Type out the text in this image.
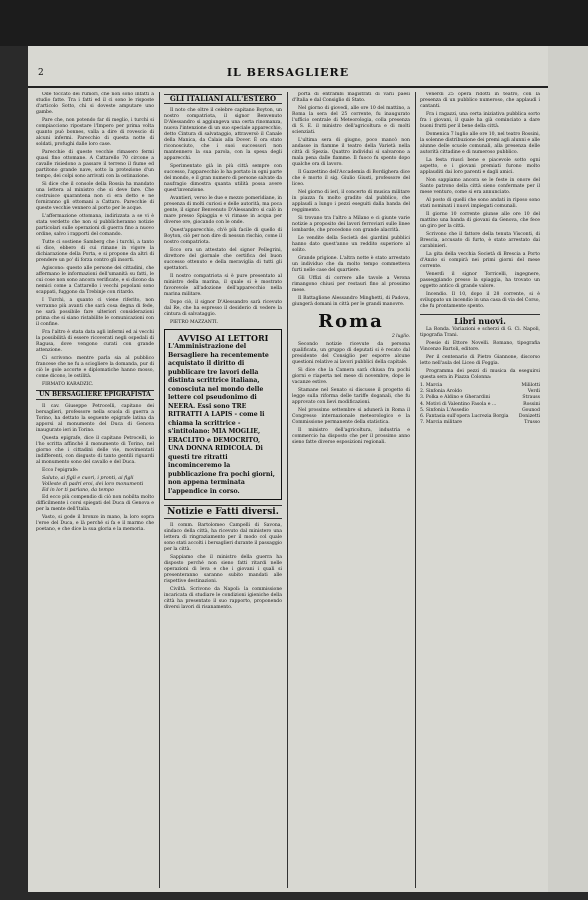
2	IL BERSAGLIERE

Ode toccato dei rumori, che non sono infatti a studio fatte. Tra i fatti ed il ci sono le risposte d'articolo Sotto, chi si doveste amputare uno gambe.

Pare che, non potendo far di meglio, i turchi si compiacciono ripostare l'Impero per prima volta quanto può bonnes, valla a dire di rovescio di alcuni infermi. Parecchio di questa notte di soldati, profughi dalle loro case.

Parecchie di queste vecchie rimasero fermi quasi fino ottomane. A Cattarello 70 circone a cavalle risiedono a passare il terreno il fiume ed partitono grande nave, sotto la protezione d'un tempo, dei colpi sono arrivati con la ostinazione.

Si dice che il console della Rossia ha mandato una lettera al ministro che si deve fare. Che costruisce quarantena non ci era detto e ne forniranno gli ottomani a Cattaro. Parecchie di queste vecchie vennero al porto per le acque.

L'affermazione ottomana, indirizzata a se vi è stata verdetto che non si pubblicheranno notizie particolari sulle operazioni di guerra fino a nuovo ordine, salvo i rapporti del comando.

Tutte ci sostiene Samberg che i turchi, a tanto si dice, ebbero di cui rimane in vigore la dichiarazione della Porta, e si propone da altri di prendere un po' di forza contro gli insorti.

Agiscono: questo alle persone dei cittadini, che affermano le informazioni dell'umanità su fatti, le cui cose non sono ancora verificate, e si dicono da nemici come a Cattarello i vecchi popolani sono scappati, fuggono da Trebinje con ritardo.

I Turchi, a quanto ci viene riferito, non verranno più avanti che sarà cosa degna di fede, ne sarà possibile fare ulteriori considerazioni prima che si siano ristabilite le comunicazioni con il confine.

Fra l'altro è stata data agli infermi ed ai vecchi la possibilità di essere ricoverati negli ospedali di Ragusa, dove vengono curati con grande attenzione.

Ci scrivono: mentre parla sia al pubblico francese che ne fu a sciogliere la domanda, pur di ciò le gole accorte e diplomatiche hanno mosso, come dicono, le ostilità.

FIRMATO KARADZIC.

UN BERSAGLIERE EPIGRAFISTA

Il cav. Giuseppe Petrocelli, capitano dei bersaglieri, professore nella scuola di guerra a Torino, ha dettato la seguente epigrafe latina da apporsi al monumento del Duca di Genova inaugurato ieri in Torino.

Questa epigrafe, dice il capitano Petrocelli, io l'ho scritta affinché il monumento di Torino, nel giorno che i cittadini delle vie, movimentati indifferenti, con disgusto di tanto gentili riguardi al monumento sono del cavallo e del Duca.

Ecco l'epigrafe:

Saluto, ai figli e cuori, i pronti, ai figli
Volleste di padri eroi, dei loro monumenti
Ed in lor ti parlano, da tempo

Ed ecco più compendio di ciò non nobilta molto difficilmente i corsi spiegati del Duca di Genova e per la mente dell'Italia.

Vasto, si gode il bronzo in mano, la loro sopra l'eroe del Duca, e là perché si fa e il marmo che poetano, e che dice la sua gloria e la memoria.

GLI ITALIANI ALL'ESTERO

Il noto che oltre il celebre capitano Boyton, un nostro compatriota, il signor Benvenuto D'Alessandro si aggiungeva una certa rinomanza, nuova l'intenzione di un suo speciale apparecchio, detto Cintura di salvataggio, attraversò il Canale della Manica, da Calais alla Dover. È ora stato riconosciuto, che i suoi successori non mantennero la sua parola, con la spesa degli apparecchi.

Sperimentato già in più città sempre con successo, l'apparecchio lo ha portato in ogni parte del mondo, e il gran numero di persone salvate da naufragio dimostra quanta utilità possa avere quest'invenzione.

Avantieri, verso le due e mezzo pomeridiane, in presenza di molti curiosi e delle autorità, ma poca gente, il signor Benvenuto D'Alessandro si calò in mare presso Spiaggia e vi rimase in acqua per diverse ore, giocando con le onde.

Quest'apparecchio, ch'è più facile di quello di Boyton, ciò per non dire di nessun rischio, come il nostro compatriota.

Ecco ora un attestato del signor Pellegrini, direttore del giornale che certifica del buon successo ottenuto e della meraviglia di tutti gli spettatori.

Il nostro compatriota si è pure presentato al ministro della marina, il quale si è mostrato favorevole all'adozione dell'apparecchio nella marina militare.

Dopo ciò, il signor D'Alessandro sarà ricevuto dal Re, che ha espresso il desiderio di vedere la cintura di salvataggio.

PIETRO MAZZANTI.

AVVISO AI LETTORI
L'Amministrazione del Bersagliere ha recentemente acquistato il diritto di pubblicare tre lavori della distinta scrittrice italiana, conosciuta nel mondo delle lettere col pseudonimo di NEERA. Essi sono TRE RITRATTI A LAPIS - come li chiama la scrittrice - s'intitolano: MIA MOGLIE, ERACLITO e DEMOCRITO, UNA DONNA RIDICOLA. Di questi tre ritratti incominceremo la pubblicazione fra pochi giorni, non appena terminata l'appendice in corso.
Notizie e Fatti diversi.

Il comm. Bartolomeo Campelli di Savona, sindaco della città, ha ricevuto dal ministero una lettera di ringraziamento per il modo col quale sono stati accolti i bersaglieri durante il passaggio per la città.

Sappiamo che il ministro della guerra ha disposto perché non sieno fatti ritardi nelle operazioni di leva e che i giovani i quali si presenteranno saranno subito mandati alle rispettive destinazioni.

Civiltà. Scrivono da Napoli: la commissione incaricata di studiare le condizioni igieniche della città ha presentato il suo rapporto, proponendo diversi lavori di risanamento.

porta di entrambi magistrati di varii paesi d'Italia e dal Consiglio di Stato.

Nel giorno di giovedì, alle ore 10 del mattino, a Roma la sera del 25 corrente, fu inaugurato l'ufficio centrale di Meteorologia, colla presenza di S. E. il ministro dell'agricoltura e di molti scienziati.

L'ultima sera di giugno, poco mancò non andasse in fiamme il teatro della Varietà nella città di Spezia. Quattro individui si salvarono a mala pena dalle fiamme. Il fuoco fu spento dopo qualche ora di lavoro.

Il Gazzettino dell'Accademia di Bordighera dice che è morto il sig. Giulio Giusti, professore del liceo.

Nel giorno di ieri, il concerto di musica militare in piazza fu molto gradito dal pubblico, che applaudì a lungo i pezzi eseguiti dalla banda del reggimento.

Si trovano tra l'altro a Milano e ci giunte varie notizie a proposito dei lavori ferroviari sulle linee lombarde, che procedono con grande alacrità.

Le vendite della Società dei giardini pubblici hanno dato quest'anno un reddito superiore al solito.

Grande prigione. L'altra notte è stato arrestato un individuo che da molto tempo commetteva furti nelle case del quartiere.

Gli Uffizi di correre alle tavole a Verona rimangono chiusi per restauri fino al prossimo mese.

Il Battaglione Alessandro Minghetti, di Padova, giungerà domani in città per le grandi manovre.

Roma
2 luglio.

Secondo notizie ricevute da persona qualificata, un gruppo di deputati si è recato dal presidente del Consiglio per esporre alcune questioni relative ai lavori pubblici della capitale.

Si dice che la Camera sarà chiusa fra pochi giorni e riaperta nel mese di novembre, dopo le vacanze estive.

Stamane nel Senato si discusse il progetto di legge sulla riforma delle tariffe doganali, che fu approvato con lievi modificazioni.

Nel prossimo settembre si adunerà in Roma il Congresso internazionale meteorologico e la Commissione permanente della statistica.

Il ministro dell'agricoltura, industria e commercio ha disposto che per il prossimo anno sieno fatte diverse esposizioni regionali.

venerdì 25 opera ridotti in teatro, con la presenza di un pubblico numeroso, che applaudì i cantanti.

Fra i ragazzi, una certa iniziativa pubblica sorto fra i giovani, il quale ha già cominciato a dare buoni frutti per il bene della città.

Domenica 7 luglio alle ore 10, nel teatro Rossini, la solenne distribuzione dei premi agli alunni e alle alunne delle scuole comunali, alla presenza delle autorità cittadine e di numeroso pubblico.

La festa riuscì bene e piacevole sotto ogni aspetto, e i giovani premiati furono molto applauditi dai loro parenti e dagli amici.

Non sappiamo ancora se le feste in onore del Santo patrono della città sieno confermate per il mese venturo, come si era annunciato.

Al posto di quelli che sono andati in riposo sono stati nominati i nuovi impiegati comunali.

Il giorno 10 corrente giunse alle ore 10 del mattino una banda di giovani da Genova, che fece un giro per la città.

Scrivono che il fattore della tenuta Visconti, di Brescia, accusato di furto, è stato arrestato dai carabinieri.

La gita della vecchia Società di Brescia a Porto d'Anzio si compirà nei primi giorni del mese corrente.

Venerdì il signor Torricelli, ingegnere, passeggiando presso la spiaggia, ha trovato un oggetto antico di grande valore.

Incendio. Il 10, dopo il 28 corrente, si è sviluppato un incendio in una casa di via del Corso, che fu prontamente spento.

Libri nuovi.

La Ronda. Variazioni e scherzi di G. Ci. Napoli, tipografia Trani.

Poesie di Ettore Novelli. Romano, tipografia Vincenzo Bartoli, editore.

Per il centenario di Pietro Giannone, discorso letto nell'aula del Liceo di Foggia.

Programma dei pezzi di musica da eseguirsi questa sera in Piazza Colonna:

1. Marcia	Mililotti
2. Sinfonia Aroldo	Verdi
3. Polka e Aldino e Gherardini	Strauss
4. Motivi di Valentino Fasola e ...	Rossini
5. Sinfonia L'Assedio	Gounod
6. Fantasia sull'opera Lucrezia Borgia Donizetti
7. Marcia militare	Trusso
